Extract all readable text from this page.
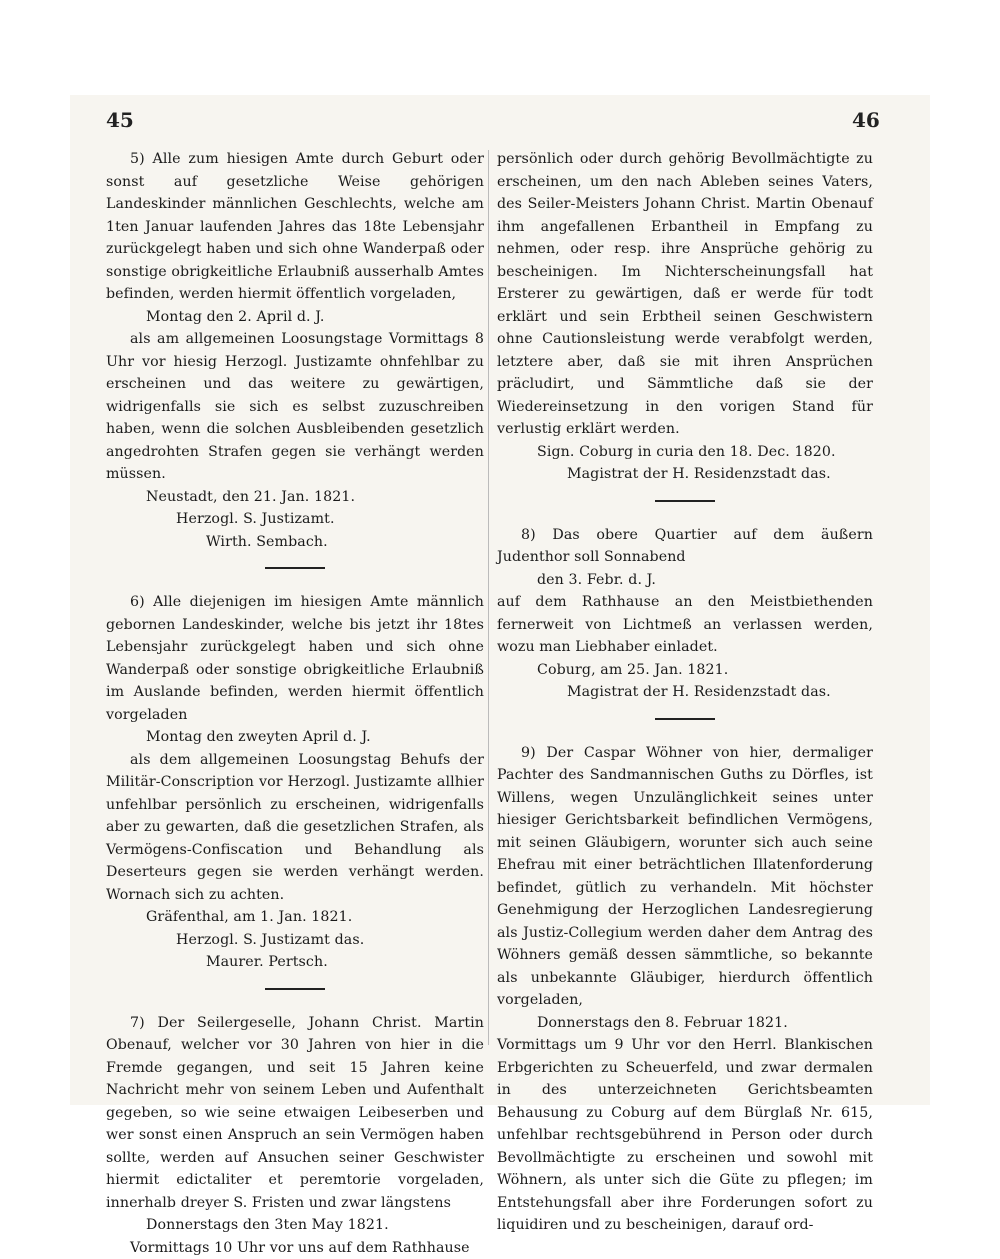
45	46

5) Alle zum hiesigen Amte durch Geburt oder sonst auf gesetzliche Weise gehörigen Landeskinder männlichen Geschlechts, welche am 1ten Januar laufenden Jahres das 18te Lebensjahr zurückgelegt haben und sich ohne Wanderpaß oder sonstige obrigkeitliche Erlaubniß ausserhalb Amtes befinden, werden hiermit öffentlich vorgeladen,

Montag den 2. April d. J.

als am allgemeinen Loosungstage Vormittags 8 Uhr vor hiesig Herzogl. Justizamte ohnfehlbar zu erscheinen und das weitere zu gewärtigen, widrigenfalls sie sich es selbst zuzuschreiben haben, wenn die solchen Ausbleibenden gesetzlich angedrohten Strafen gegen sie verhängt werden müssen.

Neustadt, den 21. Jan. 1821.

Herzogl. S. Justizamt.

Wirth. Sembach.

6) Alle diejenigen im hiesigen Amte männlich gebornen Landeskinder, welche bis jetzt ihr 18tes Lebensjahr zurückgelegt haben und sich ohne Wanderpaß oder sonstige obrigkeitliche Erlaubniß im Auslande befinden, werden hiermit öffentlich vorgeladen

Montag den zweyten April d. J.

als dem allgemeinen Loosungstag Behufs der Militär-Conscription vor Herzogl. Justizamte allhier unfehlbar persönlich zu erscheinen, widrigenfalls aber zu gewarten, daß die gesetzlichen Strafen, als Vermögens-Confiscation und Behandlung als Deserteurs gegen sie werden verhängt werden. Wornach sich zu achten.

Gräfenthal, am 1. Jan. 1821.

Herzogl. S. Justizamt das.

Maurer. Pertsch.

7) Der Seilergeselle, Johann Christ. Martin Obenauf, welcher vor 30 Jahren von hier in die Fremde gegangen, und seit 15 Jahren keine Nachricht mehr von seinem Leben und Aufenthalt gegeben, so wie seine etwaigen Leibeserben und wer sonst einen Anspruch an sein Vermögen haben sollte, werden auf Ansuchen seiner Geschwister hiermit edictaliter et peremtorie vorgeladen, innerhalb dreyer S. Fristen und zwar längstens

Donnerstags den 3ten May 1821.

Vormittags 10 Uhr vor uns auf dem Rathhause

persönlich oder durch gehörig Bevollmächtigte zu erscheinen, um den nach Ableben seines Vaters, des Seiler-Meisters Johann Christ. Martin Obenauf ihm angefallenen Erbantheil in Empfang zu nehmen, oder resp. ihre Ansprüche gehörig zu bescheinigen. Im Nichterscheinungsfall hat Ersterer zu gewärtigen, daß er werde für todt erklärt und sein Erbtheil seinen Geschwistern ohne Cautionsleistung werde verabfolgt werden, letztere aber, daß sie mit ihren Ansprüchen präcludirt, und Sämmtliche daß sie der Wiedereinsetzung in den vorigen Stand für verlustig erklärt werden.

Sign. Coburg in curia den 18. Dec. 1820.

Magistrat der H. Residenzstadt das.

8) Das obere Quartier auf dem äußern Judenthor soll Sonnabend

den 3. Febr. d. J.

auf dem Rathhause an den Meistbiethenden fernerweit von Lichtmeß an verlassen werden, wozu man Liebhaber einladet.

Coburg, am 25. Jan. 1821.

Magistrat der H. Residenzstadt das.

9) Der Caspar Wöhner von hier, dermaliger Pachter des Sandmannischen Guths zu Dörfles, ist Willens, wegen Unzulänglichkeit seines unter hiesiger Gerichtsbarkeit befindlichen Vermögens, mit seinen Gläubigern, worunter sich auch seine Ehefrau mit einer beträchtlichen Illatenforderung befindet, gütlich zu verhandeln. Mit höchster Genehmigung der Herzoglichen Landesregierung als Justiz-Collegium werden daher dem Antrag des Wöhners gemäß dessen sämmtliche, so bekannte als unbekannte Gläubiger, hierdurch öffentlich vorgeladen,

Donnerstags den 8. Februar 1821.

Vormittags um 9 Uhr vor den Herrl. Blankischen Erbgerichten zu Scheuerfeld, und zwar dermalen in des unterzeichneten Gerichtsbeamten Behausung zu Coburg auf dem Bürglaß Nr. 615, unfehlbar rechtsgebührend in Person oder durch Bevollmächtigte zu erscheinen und sowohl mit Wöhnern, als unter sich die Güte zu pflegen; im Entstehungsfall aber ihre Forderungen sofort zu liquidiren und zu bescheinigen, darauf ord-
